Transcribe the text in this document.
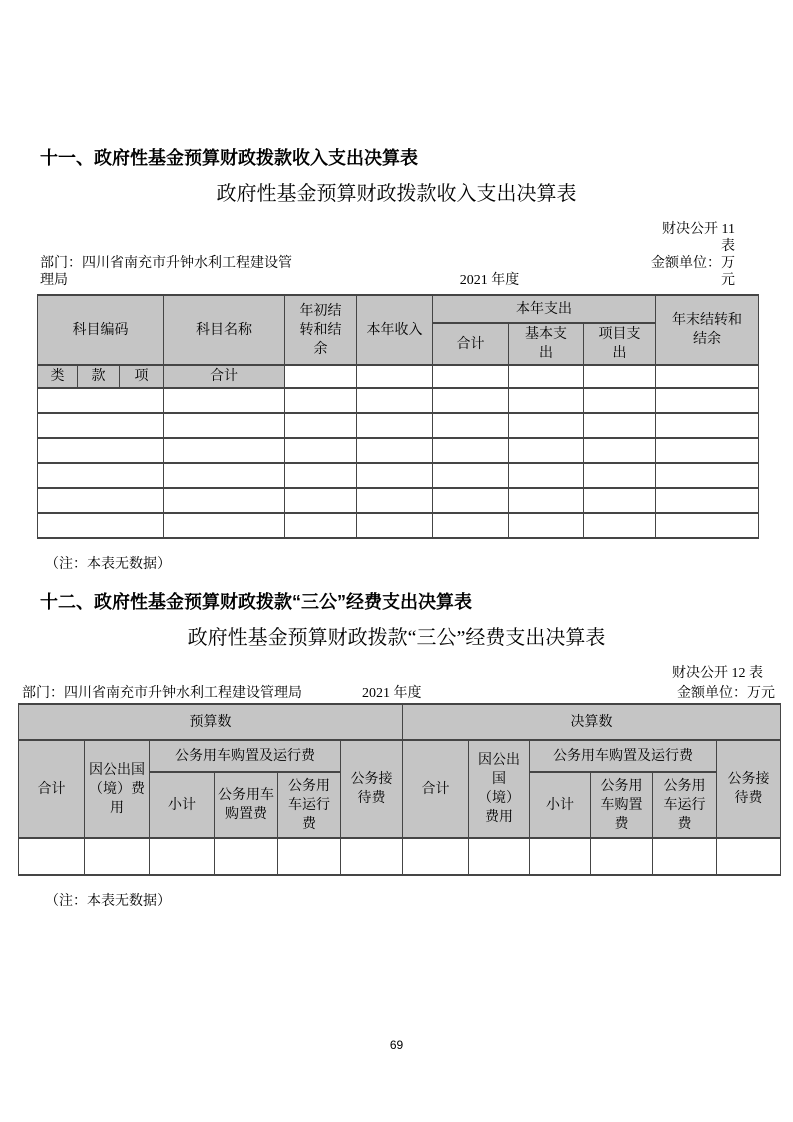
十一、政府性基金预算财政拨款收入支出决算表
政府性基金预算财政拨款收入支出决算表
部门：四川省南充市升钟水利工程建设管
理局	2021 年度
财决公开 11
表
金额单位：万
元
科目编码			科目名称	年初结转和结余	本年收入	本年支出			年末结转和结余
						合计	基本支出	项目支出	
类	款	项	合计						

（注：本表无数据）
十二、政府性基金预算财政拨款“三公”经费支出决算表
政府性基金预算财政拨款“三公”经费支出决算表
财决公开 12 表
部门：四川省南充市升钟水利工程建设管理局	2021 年度	金额单位：万元
预算数						决算数					
合计	因公出国（境）费用	公务用车购置及运行费			公务接待费	合计	因公出国（境）费用	公务用车购置及运行费			公务接待费
		小计	公务用车购置费	公务用车运行费				小计	公务用车购置费	公务用车运行费	

（注：本表无数据）
69
